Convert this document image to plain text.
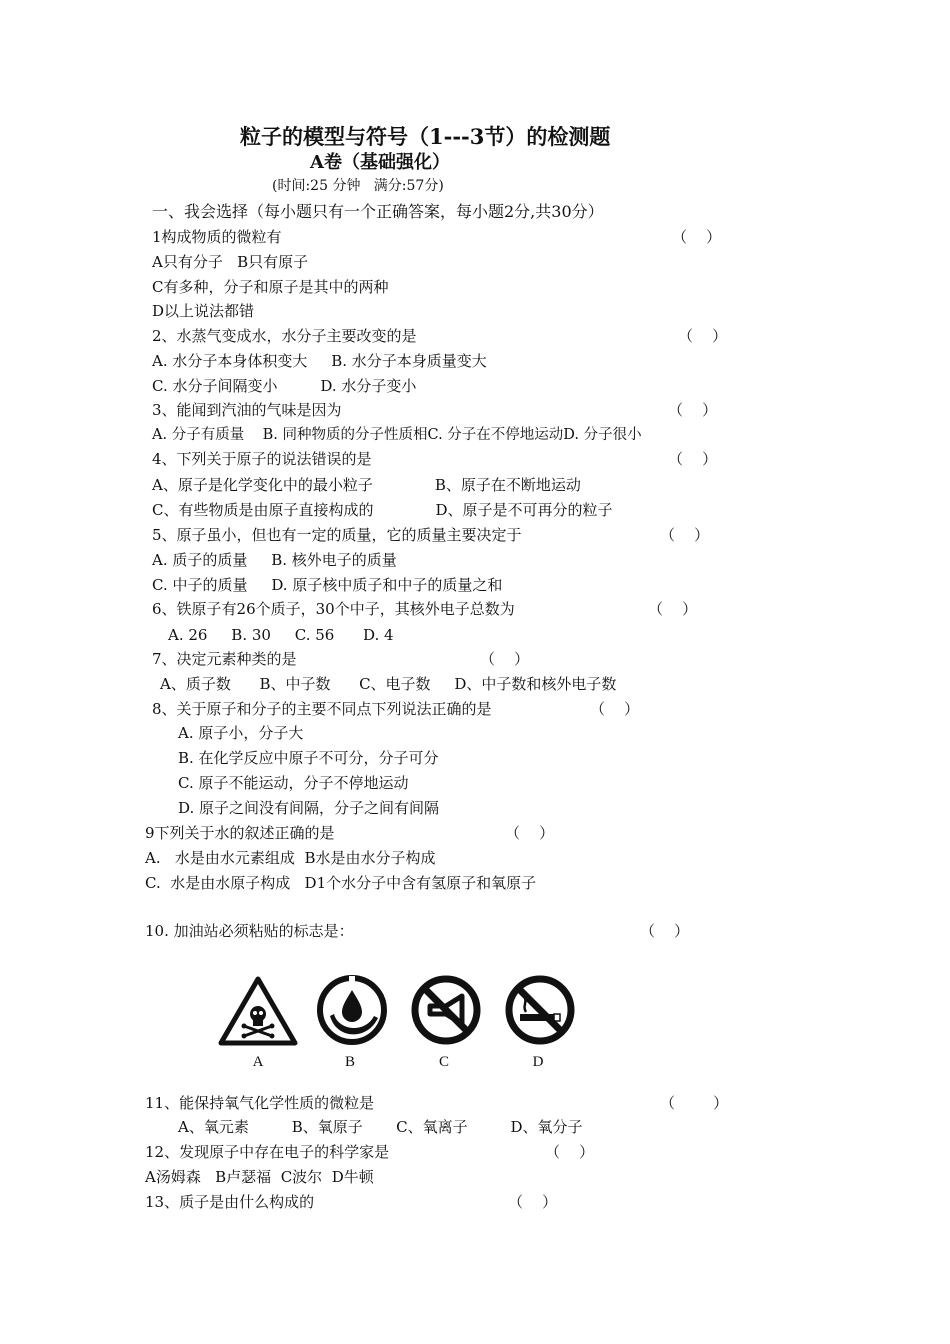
粒子的模型与符号（1---3节）的检测题
A卷（基础强化）
(时间:25 分钟   满分:57分)
一、我会选择（每小题只有一个正确答案，每小题2分,共30分）
1构成物质的微粒有	（    ）
A只有分子   B只有原子
C有多种，分子和原子是其中的两种
D以上说法都错
2、水蒸气变成水，水分子主要改变的是	（    ）
A. 水分子本身体积变大     B. 水分子本身质量变大
C. 水分子间隔变小         D. 水分子变小
3、能闻到汽油的气味是因为	（    ）
A. 分子有质量    B. 同种物质的分子性质相C. 分子在不停地运动D. 分子很小
4、下列关于原子的说法错误的是	（    ）
A、原子是化学变化中的最小粒子             B、原子在不断地运动
C、有些物质是由原子直接构成的             D、原子是不可再分的粒子
5、原子虽小，但也有一定的质量，它的质量主要决定于	（    ）
A. 质子的质量     B. 核外电子的质量
C. 中子的质量     D. 原子核中质子和中子的质量之和
6、铁原子有26个质子，30个中子，其核外电子总数为	（    ）
A. 26     B. 30     C. 56      D. 4
7、决定元素种类的是	（    ）
A、质子数      B、中子数      C、电子数     D、中子数和核外电子数
8、关于原子和分子的主要不同点下列说法正确的是	（    ）
A. 原子小，分子大
B. 在化学反应中原子不可分，分子可分
C. 原子不能运动，分子不停地运动
D. 原子之间没有间隔，分子之间有间隔
9下列关于水的叙述正确的是	（    ）
A.   水是由水元素组成  B水是由水分子构成
C.  水是由水原子构成   D1个水分子中含有氢原子和氧原子
10. 加油站必须粘贴的标志是：	（    ）
A	B	C	D
11、能保持氧气化学性质的微粒是	（        ）
A、氧元素         B、氧原子       C、氧离子         D、氧分子
12、发现原子中存在电子的科学家是	（    ）
A汤姆森   B卢瑟福  C波尔  D牛顿
13、质子是由什么构成的	（    ）
